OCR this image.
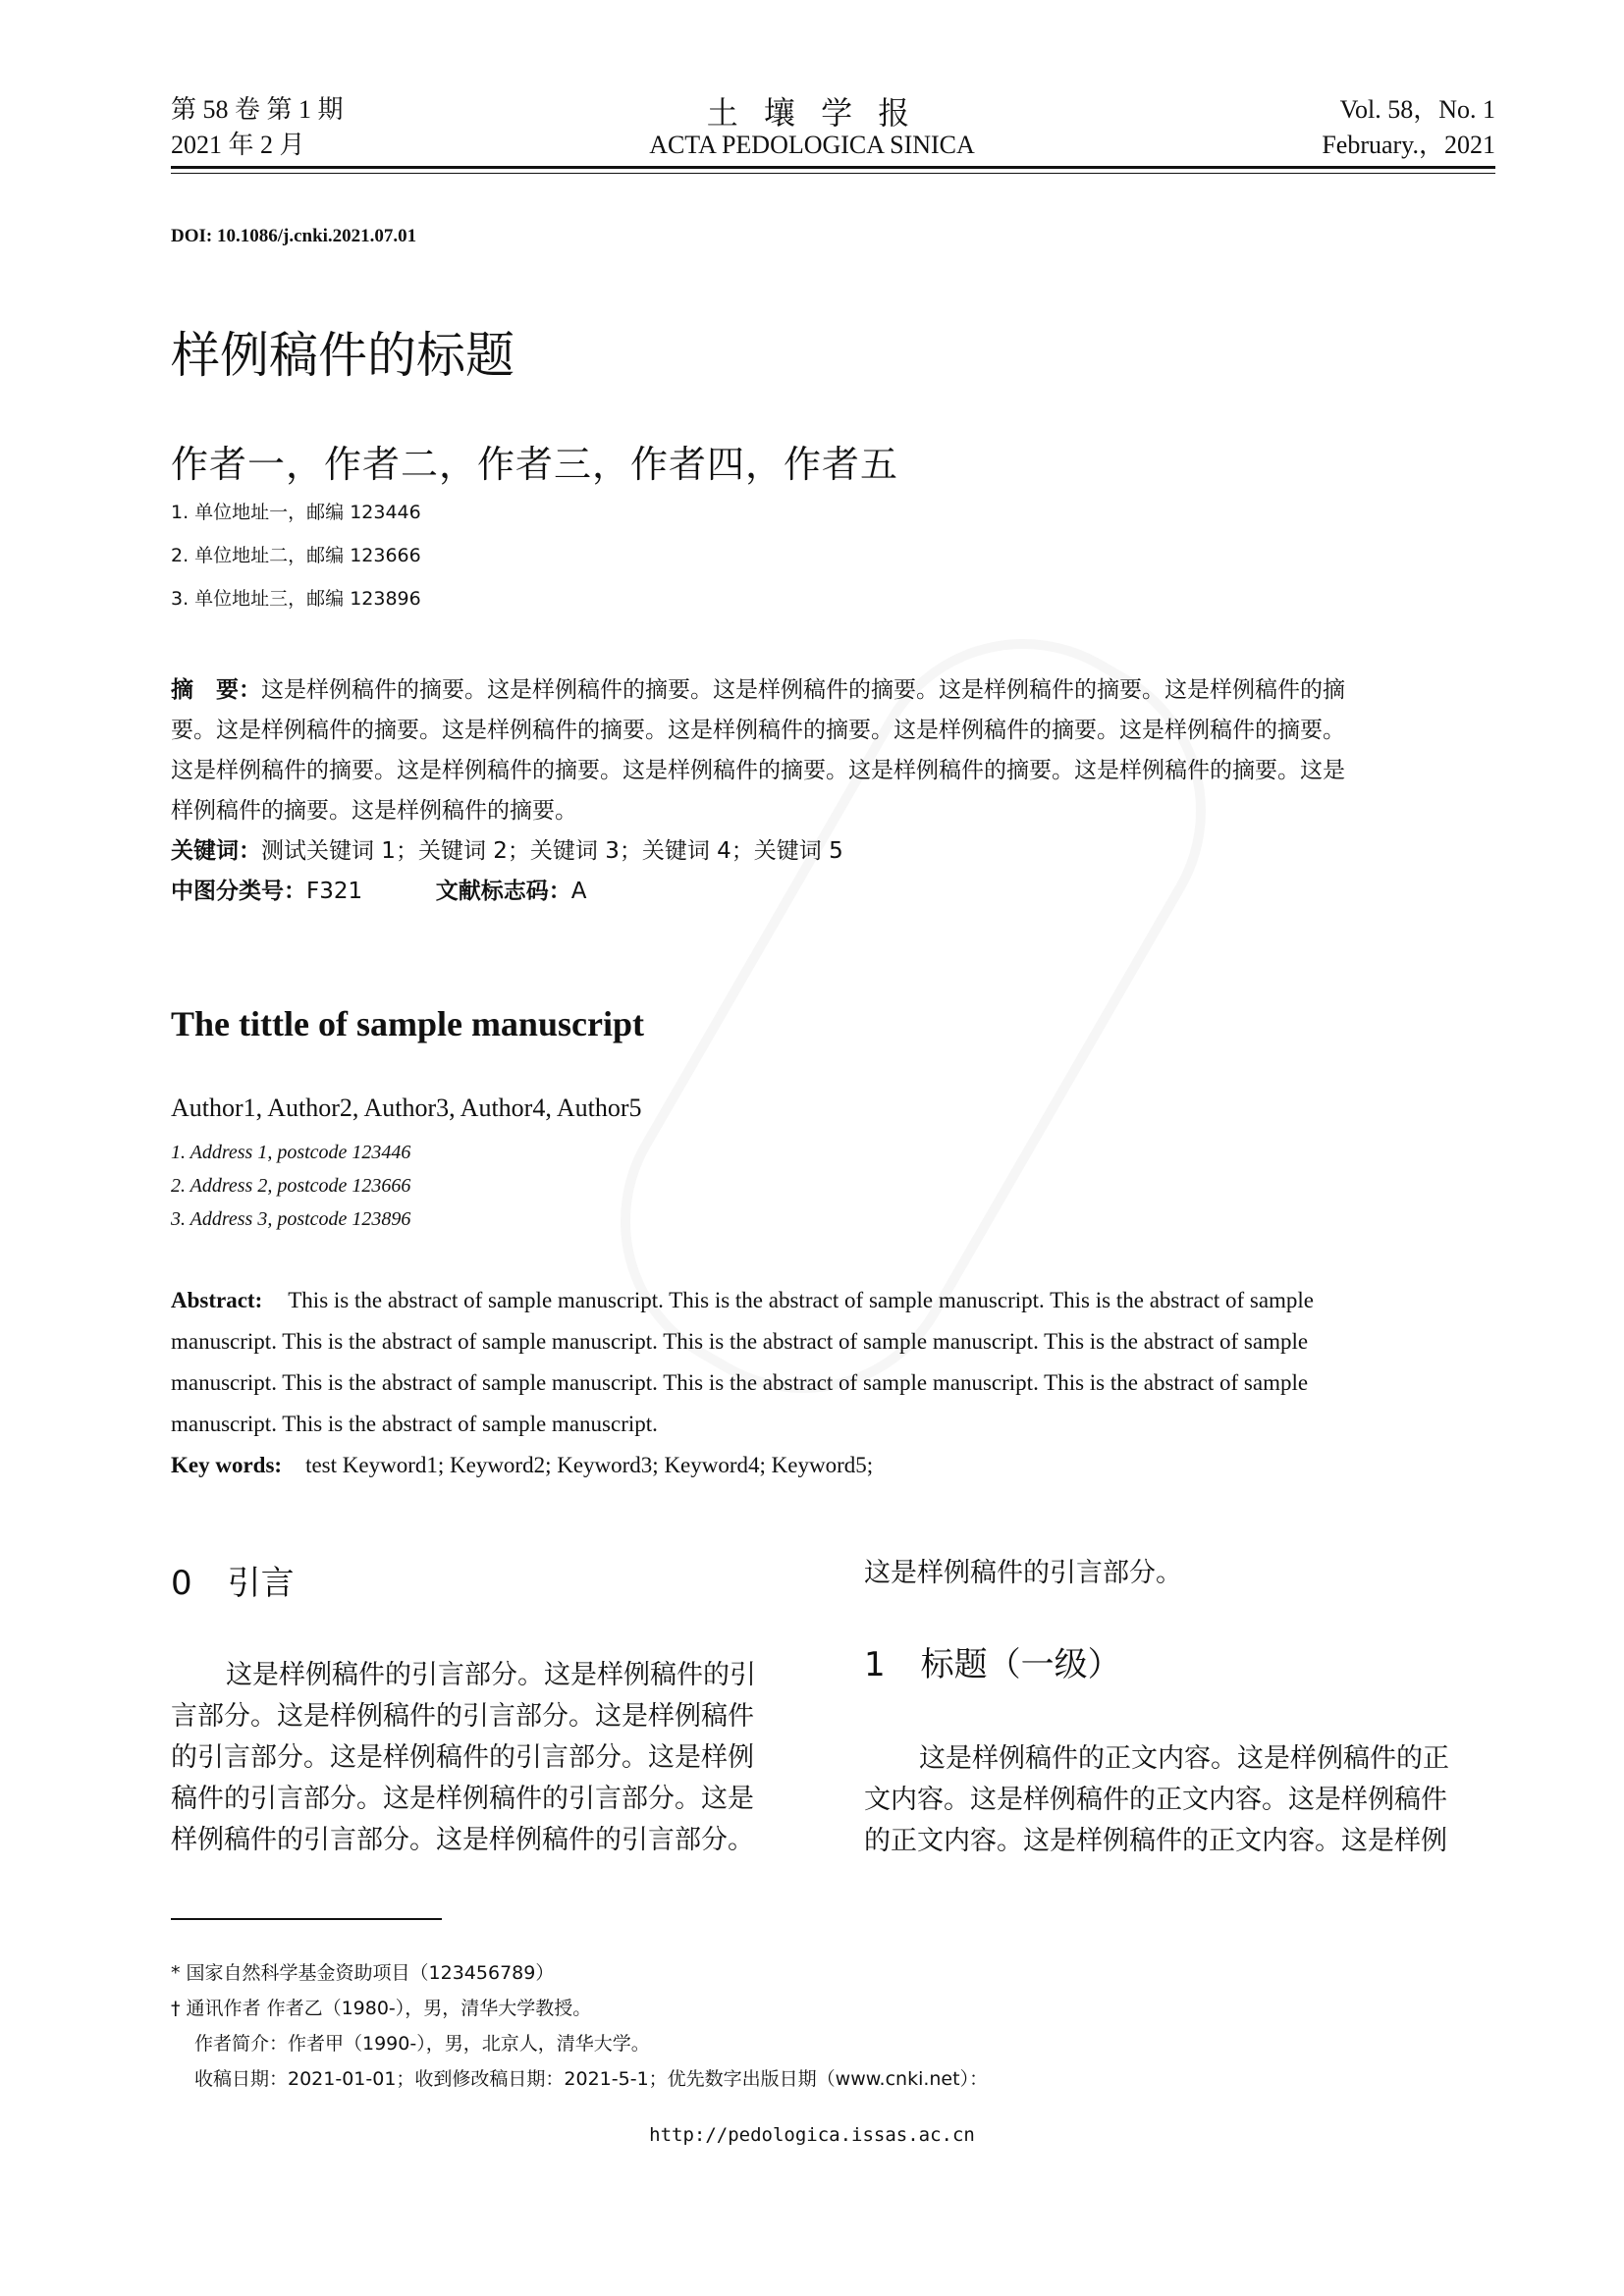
第 58 卷 第 1 期
2021 年 2 月
土 壤 学 报
ACTA PEDOLOGICA SINICA
Vol. 58，No. 1
February.，2021
DOI: 10.1086/j.cnki.2021.07.01
样例稿件的标题
作者一，作者二，作者三，作者四，作者五
1. 单位地址一，邮编 123446
2. 单位地址二，邮编 123666
3. 单位地址三，邮编 123896
摘　要：这是样例稿件的摘要。这是样例稿件的摘要。这是样例稿件的摘要。这是样例稿件的摘要。这是样例稿件的摘
要。这是样例稿件的摘要。这是样例稿件的摘要。这是样例稿件的摘要。这是样例稿件的摘要。这是样例稿件的摘要。
这是样例稿件的摘要。这是样例稿件的摘要。这是样例稿件的摘要。这是样例稿件的摘要。这是样例稿件的摘要。这是
样例稿件的摘要。这是样例稿件的摘要。
关键词：测试关键词 1；关键词 2；关键词 3；关键词 4；关键词 5
中图分类号：F321	文献标志码：A
The tittle of sample manuscript
Author1, Author2, Author3, Author4, Author5
1. Address 1, postcode 123446
2. Address 2, postcode 123666
3. Address 3, postcode 123896
Abstract: This is the abstract of sample manuscript. This is the abstract of sample manuscript. This is the abstract of sample
manuscript. This is the abstract of sample manuscript. This is the abstract of sample manuscript. This is the abstract of sample
manuscript. This is the abstract of sample manuscript. This is the abstract of sample manuscript. This is the abstract of sample
manuscript. This is the abstract of sample manuscript.
Key words: test Keyword1; Keyword2; Keyword3; Keyword4; Keyword5;
0 引言
这是样例稿件的引言部分。这是样例稿件的引
言部分。这是样例稿件的引言部分。这是样例稿件
的引言部分。这是样例稿件的引言部分。这是样例
稿件的引言部分。这是样例稿件的引言部分。这是
样例稿件的引言部分。这是样例稿件的引言部分。
这是样例稿件的引言部分。
1 标题（一级）
这是样例稿件的正文内容。这是样例稿件的正
文内容。这是样例稿件的正文内容。这是样例稿件
的正文内容。这是样例稿件的正文内容。这是样例
* 国家自然科学基金资助项目（123456789）
† 通讯作者 作者乙（1980-），男，清华大学教授。
作者简介：作者甲（1990-），男，北京人，清华大学。
收稿日期：2021-01-01；收到修改稿日期：2021-5-1；优先数字出版日期（www.cnki.net）：
http://pedologica.issas.ac.cn
